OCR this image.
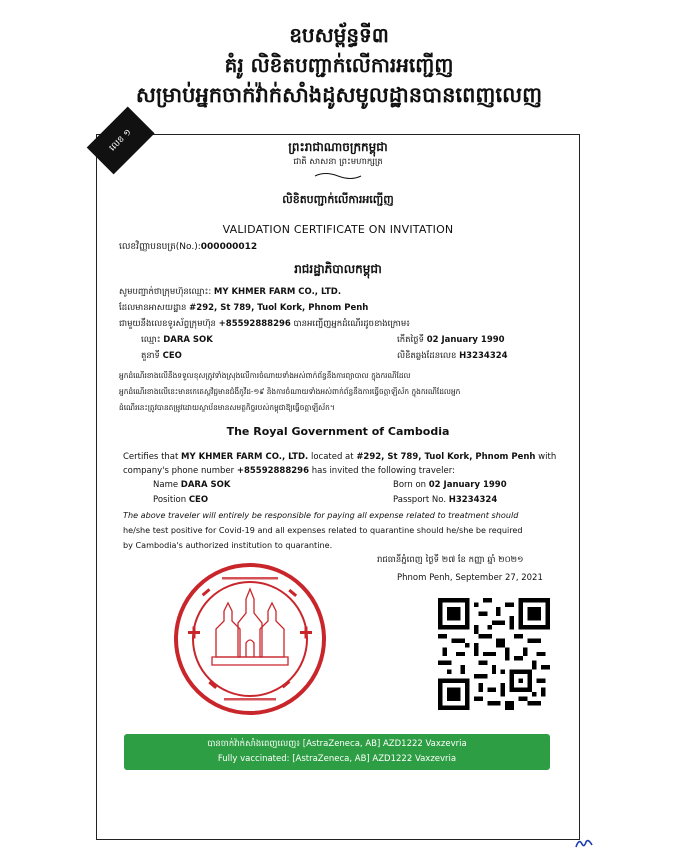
ឧបសម្ព័ន្ធទី៣
គំរូ លិខិតបញ្ជាក់លើការអញ្ជើញ
សម្រាប់អ្នកចាក់វ៉ាក់សាំងដូសមូលដ្ឋានបានពេញលេញ
លេខ ១	ព្រះរាជាណាចក្រកម្ពុជា
ជាតិ សាសនា ព្រះមហាក្សត្រ
លិខិតបញ្ជាក់លើការអញ្ជើញ
VALIDATION CERTIFICATE ON INVITATION
លេខវិញ្ញាបនបត្រ(No.):000000012
រាជរដ្ឋាភិបាលកម្ពុជា
សូមបញ្ជាក់ថាក្រុមហ៊ុនឈ្មោះ: MY KHMER FARM CO., LTD.
ដែលមានអាសយដ្ឋាន #292, St 789, Tuol Kork, Phnom Penh
ជាមួយនឹងលេខទូរស័ព្ទក្រុមហ៊ុន +85592888296 បានអញ្ជើញអ្នកដំណើរដូចខាងក្រោម៖
ឈ្មោះ DARA SOK	កើតថ្ងៃទី 02 January 1990
តួនាទី CEO	លិខិតឆ្លងដែនលេខ H3234324
អ្នកដំណើរខាងលើនឹងទទួលខុសត្រូវទាំងស្រុងលើការចំណាយទាំងអស់ពាក់ព័ន្ធនឹងការព្យាបាល ក្នុងករណីដែល
អ្នកដំណើរខាងលើនេះមានកេតេស្តវិជ្ជមានជំងឺកូវីដ-១៩ និងការចំណាយទាំងអស់ពាក់ព័ន្ធនឹងការធ្វើចត្តាឡីស័ក ក្នុងករណីដែលអ្នក
ដំណើរនេះត្រូវបានតម្រូវដោយស្ថាប័នមានសមត្ថកិច្ចរបស់កម្ពុជាឱ្យធ្វើចត្តាឡីស័ក។
The Royal Government of Cambodia
Certifies that MY KHMER FARM CO., LTD. located at #292, St 789, Tuol Kork, Phnom Penh with
company's phone number +85592888296 has invited the following traveler:
Name DARA SOK	Born on 02 January 1990
Position CEO	Passport No. H3234324
The above traveler will entirely be responsible for paying all expense related to treatment should
he/she test positive for Covid-19 and all expenses related to quarantine should he/she be required
by Cambodia's authorized institution to quarantine.
រាជធានីភ្នំពេញ ថ្ងៃទី ២៧ ខែ កញ្ញា ឆ្នាំ ២០២១
Phnom Penh, September 27, 2021
បានចាក់វ៉ាក់សាំងពេញលេញ៖ [AstraZeneca, AB] AZD1222 Vaxzevria
Fully vaccinated: [AstraZeneca, AB] AZD1222 Vaxzevria
